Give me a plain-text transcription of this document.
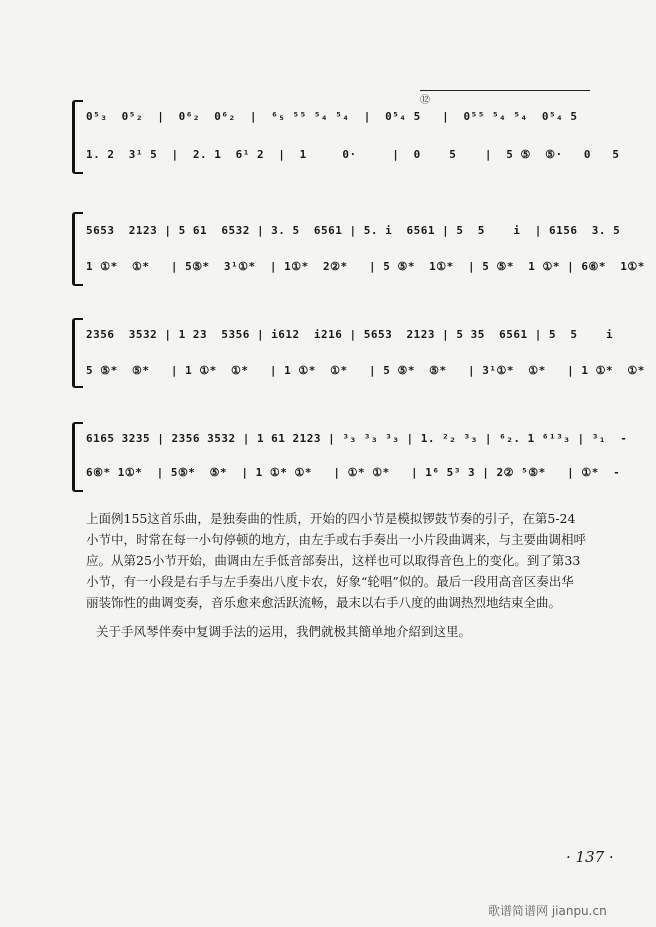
⑫
0⁵₃  0⁵₂  |  0⁶₂  0⁶₂  |  ⁶₅ ⁵⁵ ⁵₄ ⁵₄  |  0⁵₄ 5   |  0⁵⁵ ⁵₄ ⁵₄  0⁵₄ 5
1. 2  3¹ 5  |  2. 1  6¹ 2  |  1     0·     |  0    5    |  5 ⑤  ⑤·   0   5
5653  2123 | 5 61  6532 | 3. 5  6561 | 5. i  6561 | 5  5    i  | 6156  3. 5
1 ①*  ①*   | 5⑤*  3¹①*  | 1①*  2②*   | 5 ⑤*  1①*  | 5 ⑤*  1 ①* | 6⑥*  1①*
2356  3532 | 1 23  5356 | i612  i216 | 5653  2123 | 5 35  6561 | 5  5    i
5 ⑤*  ⑤*   | 1 ①*  ①*   | 1 ①*  ①*   | 5 ⑤*  ⑤*   | 3¹①*  ①*   | 1 ①*  ①*
6165 3235 | 2356 3532 | 1 61 2123 | ³₃ ³₃ ³₃ | 1. ²₂ ³₃ | ⁶₂. 1 ⁶¹³₃ | ³₁  -
6⑥* 1①*  | 5⑤*  ⑤*  | 1 ①* ①*   | ①* ①*   | 1⁶ 5³ 3 | 2② ⁵⑤*   | ①*  -

上面例155这首乐曲，是独奏曲的性质，开始的四小节是模拟锣鼓节奏的引子，在第5-24小节中，时常在每一小句停顿的地方，由左手或右手奏出一小片段曲调来，与主要曲调相呼应。从第25小节开始，曲调由左手低音部奏出，这样也可以取得音色上的变化。到了第33小节，有一小段是右手与左手奏出八度卡农，好象“轮唱”似的。最后一段用高音区奏出华丽装饰性的曲调变奏，音乐愈来愈活跃流畅，最末以右手八度的曲调热烈地结束全曲。

关于手风琴伴奏中复调手法的运用，我們就极其簡单地介紹到这里。

· 137 ·
歌谱简谱网 jianpu.cn
